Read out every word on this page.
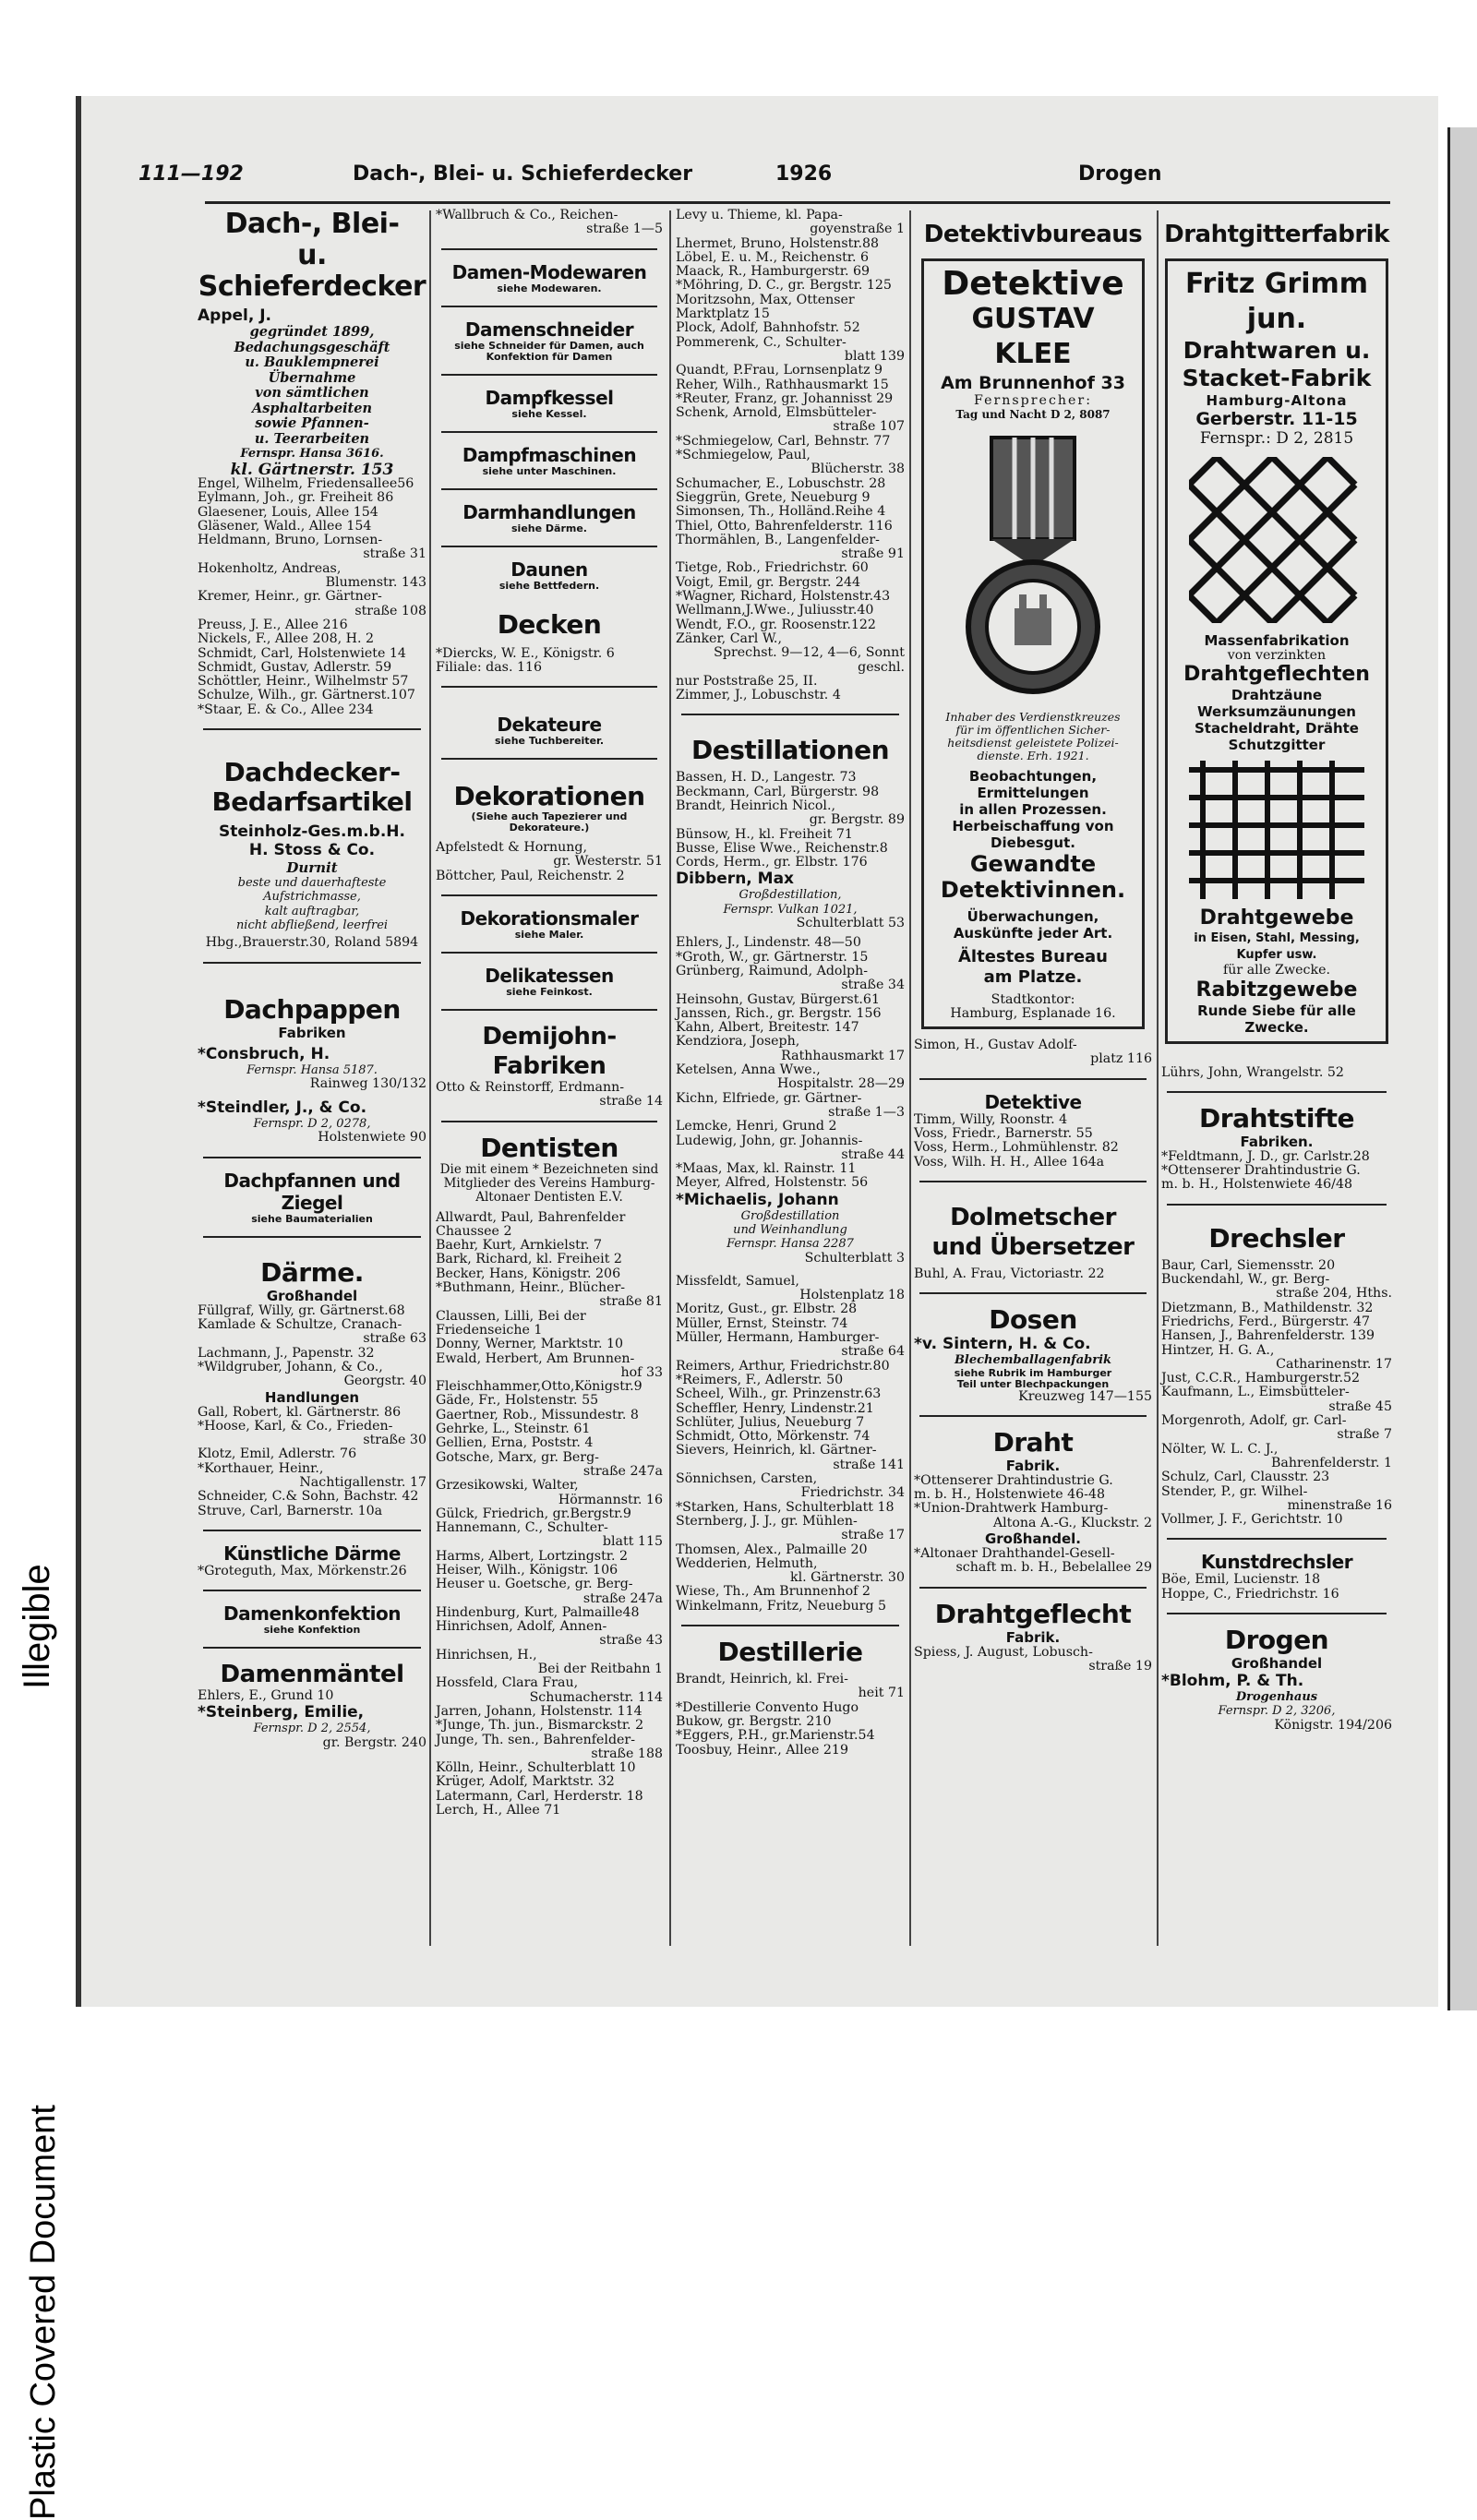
Illegible
Plastic Covered Document
111—192	Dach-, Blei- u. Schieferdecker	1926	Drogen
Dach-, Blei-
u. Schieferdecker
Appel, J.
gegründet 1899,
Bedachungsgeschäft
u. Bauklempnerei
Übernahme
von sämtlichen
Asphaltarbeiten
sowie Pfannen-
u. Teerarbeiten
Fernspr. Hansa 3616.
kl. Gärtnerstr. 153
Engel, Wilhelm, Friedensallee56
Eylmann, Joh., gr. Freiheit 86
Glaesener, Louis, Allee 154
Gläsener, Wald., Allee 154
Heldmann, Bruno, Lornsen-
straße 31
Hokenholtz, Andreas,
Blumenstr. 143
Kremer, Heinr., gr. Gärtner-
straße 108
Preuss, J. E., Allee 216
Nickels, F., Allee 208, H. 2
Schmidt, Carl, Holstenwiete 14
Schmidt, Gustav, Adlerstr. 59
Schöttler, Heinr., Wilhelmstr 57
Schulze, Wilh., gr. Gärtnerst.107
*Staar, E. & Co., Allee 234
Dachdecker-
Bedarfsartikel
Steinholz-Ges.m.b.H.
H. Stoss & Co.
Durnit
beste und dauerhafteste
Aufstrichmasse,
kalt auftragbar,
nicht abfließend, leerfrei
Hbg.,Brauerstr.30, Roland 5894
Dachpappen
Fabriken
*Consbruch, H.
Fernspr. Hansa 5187.
Rainweg 130/132
*Steindler, J., & Co.
Fernspr. D 2, 0278,
Holstenwiete 90
Dachpfannen und Ziegel
siehe Baumaterialien
Därme.
Großhandel
Füllgraf, Willy, gr. Gärtnerst.68
Kamlade & Schultze, Cranach-
straße 63
Lachmann, J., Papenstr. 32
*Wildgruber, Johann, & Co.,
Georgstr. 40
Handlungen
Gall, Robert, kl. Gärtnerstr. 86
*Hoose, Karl, & Co., Frieden-
straße 30
Klotz, Emil, Adlerstr. 76
*Korthauer, Heinr.,
Nachtigallenstr. 17
Schneider, C.& Sohn, Bachstr. 42
Struve, Carl, Barnerstr. 10a
Künstliche Därme
*Groteguth, Max, Mörkenstr.26
Damenkonfektion
siehe Konfektion
Damenmäntel
Ehlers, E., Grund 10
*Steinberg, Emilie,
Fernspr. D 2, 2554,
gr. Bergstr. 240
*Wallbruch & Co., Reichen-
straße 1—5
Damen-Modewaren
siehe Modewaren.
Damenschneider
siehe Schneider für Damen, auch Konfektion für Damen
Dampfkessel
siehe Kessel.
Dampfmaschinen
siehe unter Maschinen.
Darmhandlungen
siehe Därme.
Daunen
siehe Bettfedern.
Decken
*Diercks, W. E., Königstr. 6
Filiale: das. 116
Dekateure
siehe Tuchbereiter.
Dekorationen
(Siehe auch Tapezierer und Dekorateure.)
Apfelstedt & Hornung,
gr. Westerstr. 51
Böttcher, Paul, Reichenstr. 2
Dekorationsmaler
siehe Maler.
Delikatessen
siehe Feinkost.
Demijohn-Fabriken
Otto & Reinstorff, Erdmann-
straße 14
Dentisten
Die mit einem * Bezeichneten sind Mitglieder des Vereins Hamburg-Altonaer Dentisten E.V.
Allwardt, Paul, Bahrenfelder
Chaussee 2
Baehr, Kurt, Arnkielstr. 7
Bark, Richard, kl. Freiheit 2
Becker, Hans, Königstr. 206
*Buthmann, Heinr., Blücher-
straße 81
Claussen, Lilli, Bei der
Friedenseiche 1
Donny, Werner, Marktstr. 10
Ewald, Herbert, Am Brunnen-
hof 33
Fleischhammer,Otto,Königstr.9
Gäde, Fr., Holstenstr. 55
Gaertner, Rob., Missundestr. 8
Gehrke, L., Steinstr. 61
Gellien, Erna, Poststr. 4
Gotsche, Marx, gr. Berg-
straße 247a
Grzesikowski, Walter,
Hörmannstr. 16
Gülck, Friedrich, gr.Bergstr.9
Hannemann, C., Schulter-
blatt 115
Harms, Albert, Lortzingstr. 2
Heiser, Wilh., Königstr. 106
Heuser u. Goetsche, gr. Berg-
straße 247a
Hindenburg, Kurt, Palmaille48
Hinrichsen, Adolf, Annen-
straße 43
Hinrichsen, H.,
Bei der Reitbahn 1
Hossfeld, Clara Frau,
Schumacherstr. 114
Jarren, Johann, Holstenstr. 114
*Junge, Th. jun., Bismarckstr. 2
Junge, Th. sen., Bahrenfelder-
straße 188
Kölln, Heinr., Schulterblatt 10
Krüger, Adolf, Marktstr. 32
Latermann, Carl, Herderstr. 18
Lerch, H., Allee 71
Levy u. Thieme, kl. Papa-
goyenstraße 1
Lhermet, Bruno, Holstenstr.88
Löbel, E. u. M., Reichenstr. 6
Maack, R., Hamburgerstr. 69
*Möhring, D. C., gr. Bergstr. 125
Moritzsohn, Max, Ottenser
Marktplatz 15
Plock, Adolf, Bahnhofstr. 52
Pommerenk, C., Schulter-
blatt 139
Quandt, P.Frau, Lornsenplatz 9
Reher, Wilh., Rathhausmarkt 15
*Reuter, Franz, gr. Johannisst 29
Schenk, Arnold, Elmsbütteler-
straße 107
*Schmiegelow, Carl, Behnstr. 77
*Schmiegelow, Paul,
Blücherstr. 38
Schumacher, E., Lobuschstr. 28
Sieggrün, Grete, Neueburg 9
Simonsen, Th., Holländ.Reihe 4
Thiel, Otto, Bahrenfelderstr. 116
Thormählen, B., Langenfelder-
straße 91
Tietge, Rob., Friedrichstr. 60
Voigt, Emil, gr. Bergstr. 244
*Wagner, Richard, Holstenstr.43
Wellmann,J.Wwe., Juliusstr.40
Wendt, F.O., gr. Roosenstr.122
Zänker, Carl W.,
Sprechst. 9—12, 4—6, Sonnt geschl.
nur Poststraße 25, II.
Zimmer, J., Lobuschstr. 4
Destillationen
Bassen, H. D., Langestr. 73
Beckmann, Carl, Bürgerstr. 98
Brandt, Heinrich Nicol.,
gr. Bergstr. 89
Bünsow, H., kl. Freiheit 71
Busse, Elise Wwe., Reichenstr.8
Cords, Herm., gr. Elbstr. 176
Dibbern, Max
Großdestillation,
Fernspr. Vulkan 1021,
Schulterblatt 53
Ehlers, J., Lindenstr. 48—50
*Groth, W., gr. Gärtnerstr. 15
Grünberg, Raimund, Adolph-
straße 34
Heinsohn, Gustav, Bürgerst.61
Janssen, Rich., gr. Bergstr. 156
Kahn, Albert, Breitestr. 147
Kendziora, Joseph,
Rathhausmarkt 17
Ketelsen, Anna Wwe.,
Hospitalstr. 28—29
Kichn, Elfriede, gr. Gärtner-
straße 1—3
Lemcke, Henri, Grund 2
Ludewig, John, gr. Johannis-
straße 44
*Maas, Max, kl. Rainstr. 11
Meyer, Alfred, Holstenstr. 56
*Michaelis, Johann
Großdestillation
und Weinhandlung
Fernspr. Hansa 2287
Schulterblatt 3
Missfeldt, Samuel,
Holstenplatz 18
Moritz, Gust., gr. Elbstr. 28
Müller, Ernst, Steinstr. 74
Müller, Hermann, Hamburger-
straße 64
Reimers, Arthur, Friedrichstr.80
*Reimers, F., Adlerstr. 50
Scheel, Wilh., gr. Prinzenstr.63
Scheffler, Henry, Lindenstr.21
Schlüter, Julius, Neueburg 7
Schmidt, Otto, Mörkenstr. 74
Sievers, Heinrich, kl. Gärtner-
straße 141
Sönnichsen, Carsten,
Friedrichstr. 34
*Starken, Hans, Schulterblatt 18
Sternberg, J. J., gr. Mühlen-
straße 17
Thomsen, Alex., Palmaille 20
Wedderien, Helmuth,
kl. Gärtnerstr. 30
Wiese, Th., Am Brunnenhof 2
Winkelmann, Fritz, Neueburg 5
Destillerie
Brandt, Heinrich, kl. Frei-
heit 71
*Destillerie Convento Hugo
Bukow, gr. Bergstr. 210
*Eggers, P.H., gr.Marienstr.54
Toosbuy, Heinr., Allee 219
Detektivbureaus
Detektive
GUSTAV KLEE
Am Brunnenhof 33
Fernsprecher:
Tag und Nacht D 2, 8087
Inhaber des Verdienstkreuzes
für im öffentlichen Sicher-
heitsdienst geleistete Polizei-
dienste. Erh. 1921.
Beobachtungen,
Ermittelungen
in allen Prozessen.
Herbeischaffung von
Diebesgut.
Gewandte
Detektivinnen.
Überwachungen,
Auskünfte jeder Art.
Ältestes Bureau
am Platze.
Stadtkontor:
Hamburg, Esplanade 16.
Simon, H., Gustav Adolf-
platz 116
Detektive
Timm, Willy, Roonstr. 4
Voss, Friedr., Barnerstr. 55
Voss, Herm., Lohmühlenstr. 82
Voss, Wilh. H. H., Allee 164a
Dolmetscher
und Übersetzer
Buhl, A. Frau, Victoriastr. 22
Dosen
*v. Sintern, H. & Co.
Blechemballagenfabrik
siehe Rubrik im Hamburger
Teil unter Blechpackungen
Kreuzweg 147—155
Draht
Fabrik.
*Ottenserer Drahtindustrie G.
m. b. H., Holstenwiete 46-48
*Union-Drahtwerk Hamburg-
Altona A.-G., Kluckstr. 2
Großhandel.
*Altonaer Drahthandel-Gesell-
schaft m. b. H., Bebelallee 29
Drahtgeflecht
Fabrik.
Spiess, J. August, Lobusch-
straße 19
Drahtgitterfabrik
Fritz Grimm jun.
Drahtwaren u.
Stacket-Fabrik
Hamburg-Altona
Gerberstr. 11-15
Fernspr.: D 2, 2815
Massenfabrikation
von verzinkten
Drahtgeflechten
Drahtzäune
Werksumzäunungen
Stacheldraht, Drähte
Schutzgitter
Drahtgewebe
in Eisen, Stahl, Messing,
Kupfer usw.
für alle Zwecke.
Rabitzgewebe
Runde Siebe für alle Zwecke.
Lührs, John, Wrangelstr. 52
Drahtstifte
Fabriken.
*Feldtmann, J. D., gr. Carlstr.28
*Ottenserer Drahtindustrie G.
m. b. H., Holstenwiete 46/48
Drechsler
Baur, Carl, Siemensstr. 20
Buckendahl, W., gr. Berg-
straße 204, Hths.
Dietzmann, B., Mathildenstr. 32
Friedrichs, Ferd., Bürgerstr. 47
Hansen, J., Bahrenfelderstr. 139
Hintzer, H. G. A.,
Catharinenstr. 17
Just, C.C.R., Hamburgerstr.52
Kaufmann, L., Eimsbütteler-
straße 45
Morgenroth, Adolf, gr. Carl-
straße 7
Nölter, W. L. C. J.,
Bahrenfelderstr. 1
Schulz, Carl, Clausstr. 23
Stender, P., gr. Wilhel-
minenstraße 16
Vollmer, J. F., Gerichtstr. 10
Kunstdrechsler
Böe, Emil, Lucienstr. 18
Hoppe, C., Friedrichstr. 16
Drogen
Großhandel
*Blohm, P. & Th.
Drogenhaus
Fernspr. D 2, 3206,
Königstr. 194/206
